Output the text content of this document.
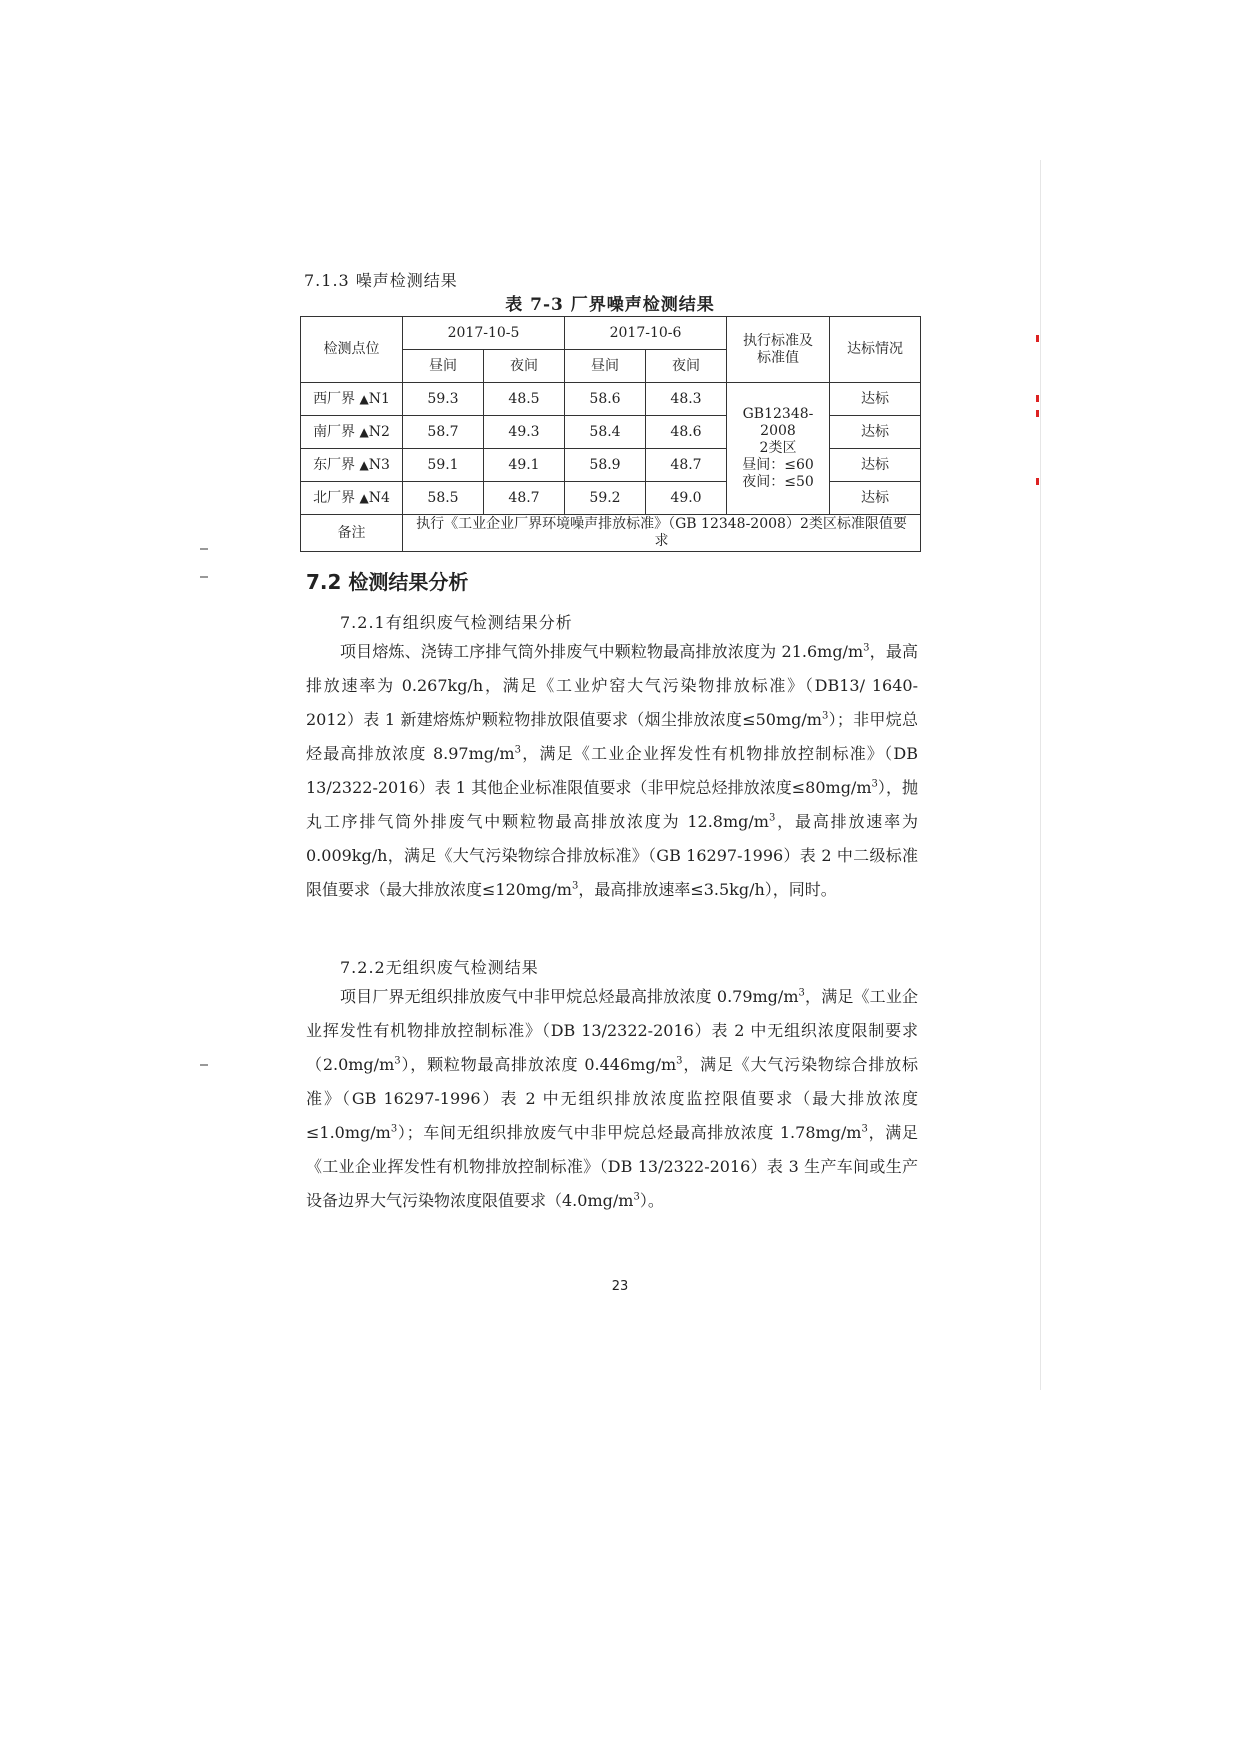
7.1.3 噪声检测结果
表 7-3 厂界噪声检测结果
检测点位	2017-10-5		2017-10-6		执行标准及标准值	达标情况
	昼间	夜间	昼间	夜间		
西厂界 ▲N1	59.3	48.5	58.6	48.3	GB12348-2008
2类区
昼间：≤60
夜间：≤50	达标
南厂界 ▲N2	58.7	49.3	58.4	48.6		达标
东厂界 ▲N3	59.1	49.1	58.9	48.7		达标
北厂界 ▲N4	58.5	48.7	59.2	49.0		达标
备注	执行《工业企业厂界环境噪声排放标准》（GB 12348-2008）2类区标准限值要求					
7.2 检测结果分析
7.2.1有组织废气检测结果分析

项目熔炼、浇铸工序排气筒外排废气中颗粒物最高排放浓度为 $21.6mg/m^3$，最高排放速率为 0.267kg/h，满足《工业炉窑大气污染物排放标准》（DB13/ 1640-2012）表 1 新建熔炼炉颗粒物排放限值要求（烟尘排放浓度$\le 50mg/m^3$）；非甲烷总烃最高排放浓度 $8.97mg/m^3$，满足《工业企业挥发性有机物排放控制标准》（DB 13/2322-2016）表 1 其他企业标准限值要求（非甲烷总烃排放浓度$\le 80mg/m^3$），抛丸工序排气筒外排废气中颗粒物最高排放浓度为 $12.8mg/m^3$，最高排放速率为 0.009kg/h，满足《大气污染物综合排放标准》（GB 16297-1996）表 2 中二级标准限值要求（最大排放浓度$\le 120mg/m^3$，最高排放速率≤3.5kg/h），同时。

7.2.2无组织废气检测结果

项目厂界无组织排放废气中非甲烷总烃最高排放浓度 $0.79mg/m^3$，满足《工业企业挥发性有机物排放控制标准》（DB 13/2322-2016）表 2 中无组织浓度限制要求$(2.0mg/m^3)$，颗粒物最高排放浓度 $0.446mg/m^3$，满足《大气污染物综合排放标准》（GB 16297-1996）表 2 中无组织排放浓度监控限值要求（最大排放浓度$\le 1.0mg/m^3$）；车间无组织排放废气中非甲烷总烃最高排放浓度 $1.78mg/m^3$，满足《工业企业挥发性有机物排放控制标准》（DB 13/2322-2016）表 3 生产车间或生产设备边界大气污染物浓度限值要求$(4.0mg/m^3)$。

23
